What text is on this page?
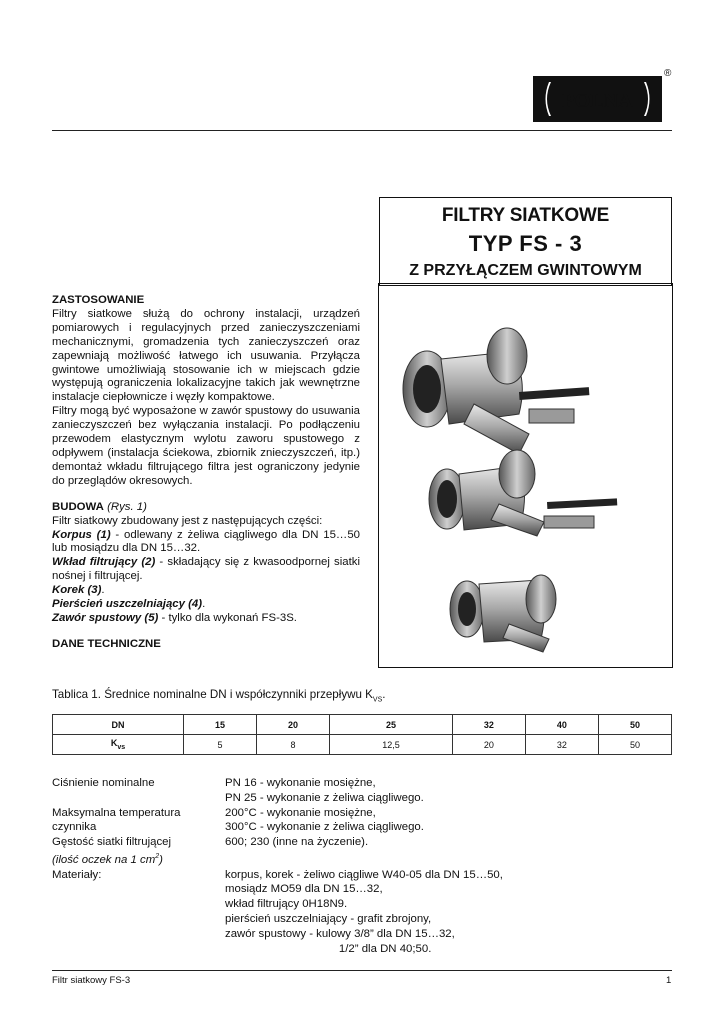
®
POLNA
FILTRY SIATKOWE
TYP FS - 3
Z PRZYŁĄCZEM GWINTOWYM

ZASTOSOWANIE

Filtry siatkowe służą do ochrony instalacji, urządzeń pomiarowych i regulacyjnych przed zanieczyszczeniami mechanicznymi, gromadzenia tych zanieczyszczeń oraz zapewniają możliwość łatwego ich usuwania. Przyłącza gwintowe umożliwiają stosowanie ich w miejscach gdzie występują ograniczenia lokalizacyjne takich jak wewnętrzne instalacje ciepłownicze i węzły kompaktowe.

Filtry mogą być wyposażone w zawór spustowy do usuwania zanieczyszczeń bez wyłączania instalacji. Po podłączeniu przewodem elastycznym wylotu zaworu spustowego z odpływem (instalacja ściekowa, zbiornik znieczyszczeń, itp.) demontaż wkładu filtrującego filtra jest ograniczony jedynie do przeglądów okresowych.

BUDOWA (Rys. 1)

Filtr siatkowy zbudowany jest z następujących części:

Korpus (1) - odlewany z żeliwa ciągliwego dla DN 15…50 lub mosiądzu dla DN 15…32.

Wkład filtrujący (2) - składający się z kwasoodpornej siatki nośnej i filtrującej.

Korek (3).

Pierścień uszczelniający (4).

Zawór spustowy (5) - tylko dla wykonań FS-3S.

DANE TECHNICZNE

Tablica 1. Średnice nominalne DN i współczynniki przepływu $K_{VS}$.
DN	15	20	25	32	40	50
$K_{vs}$	5	8	12,5	20	32	50
Ciśnienie nominalne	PN 16 - wykonanie mosiężne,
PN 25 - wykonanie z żeliwa ciągliwego.
Maksymalna temperatura	200°C - wykonanie mosiężne,
czynnika	300°C - wykonanie z żeliwa ciągliwego.
Gęstość siatki filtrującej	600; 230 (inne na życzenie).
(ilość oczek na 1 $cm^2$)
Materiały:	korpus, korek - żeliwo ciągliwe W40-05 dla DN 15…50,
mosiądz MO59 dla DN 15…32,
wkład filtrujący 0H18N9.
pierścień uszczelniający - grafit zbrojony,
zawór spustowy - kulowy 3/8” dla DN 15…32,
1/2” dla DN 40;50.
Filtr siatkowy FS-3	1
